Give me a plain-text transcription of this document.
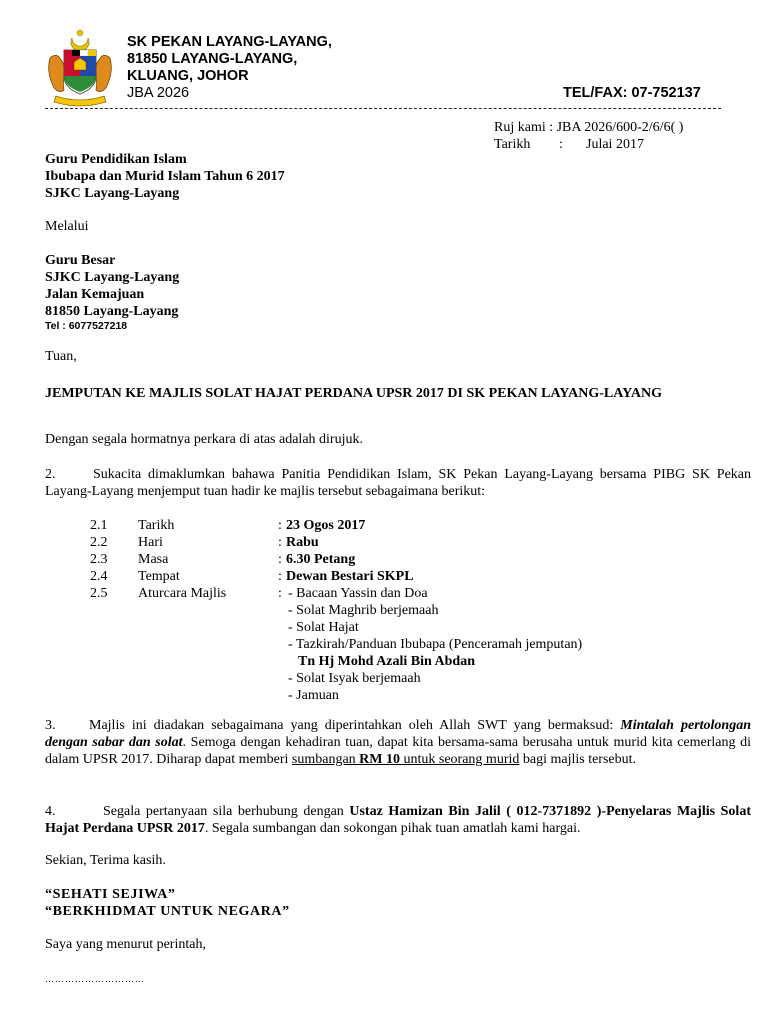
SK PEKAN LAYANG-LAYANG,
81850 LAYANG-LAYANG,
KLUANG, JOHOR
JBA 2026	TEL/FAX: 07-752137
Ruj kami : JBA 2026/600-2/6/6( )
Tarikh : Julai 2017
Guru Pendidikan Islam
Ibubapa dan Murid Islam Tahun 6 2017
SJKC Layang-Layang
Melalui
Guru Besar
SJKC Layang-Layang
Jalan Kemajuan
81850 Layang-Layang
Tel : 6077527218
Tuan,
JEMPUTAN KE MAJLIS SOLAT HAJAT PERDANA UPSR 2017 DI SK PEKAN LAYANG-LAYANG
Dengan segala hormatnya perkara di atas adalah dirujuk.
2.	Sukacita dimaklumkan bahawa Panitia Pendidikan Islam, SK Pekan Layang-Layang bersama PIBG SK Pekan Layang-Layang menjemput tuan hadir ke majlis tersebut sebagaimana berikut:
2.1 Tarikh	: 23 Ogos 2017
2.2 Hari	: Rabu
2.3 Masa	: 6.30 Petang
2.4 Tempat	: Dewan Bestari SKPL
2.5 Aturcara Majlis	: - Bacaan Yassin dan Doa
- Solat Maghrib berjemaah
- Solat Hajat
- Tazkirah/Panduan Ibubapa (Penceramah jemputan)
Tn Hj Mohd Azali Bin Abdan
- Solat Isyak berjemaah
- Jamuan
3. Majlis ini diadakan sebagaimana yang diperintahkan oleh Allah SWT yang bermaksud: Mintalah pertolongan dengan sabar dan solat. Semoga dengan kehadiran tuan, dapat kita bersama-sama berusaha untuk murid kita cemerlang di dalam UPSR 2017. Diharap dapat memberi sumbangan RM 10 untuk seorang murid bagi majlis tersebut.
4.	Segala pertanyaan sila berhubung dengan Ustaz Hamizan Bin Jalil ( 012-7371892 )-Penyelaras Majlis Solat Hajat Perdana UPSR 2017. Segala sumbangan dan sokongan pihak tuan amatlah kami hargai.
Sekian, Terima kasih.
“SEHATI SEJIWA”
“BERKHIDMAT UNTUK NEGARA”
Saya yang menurut perintah,
…………………………
